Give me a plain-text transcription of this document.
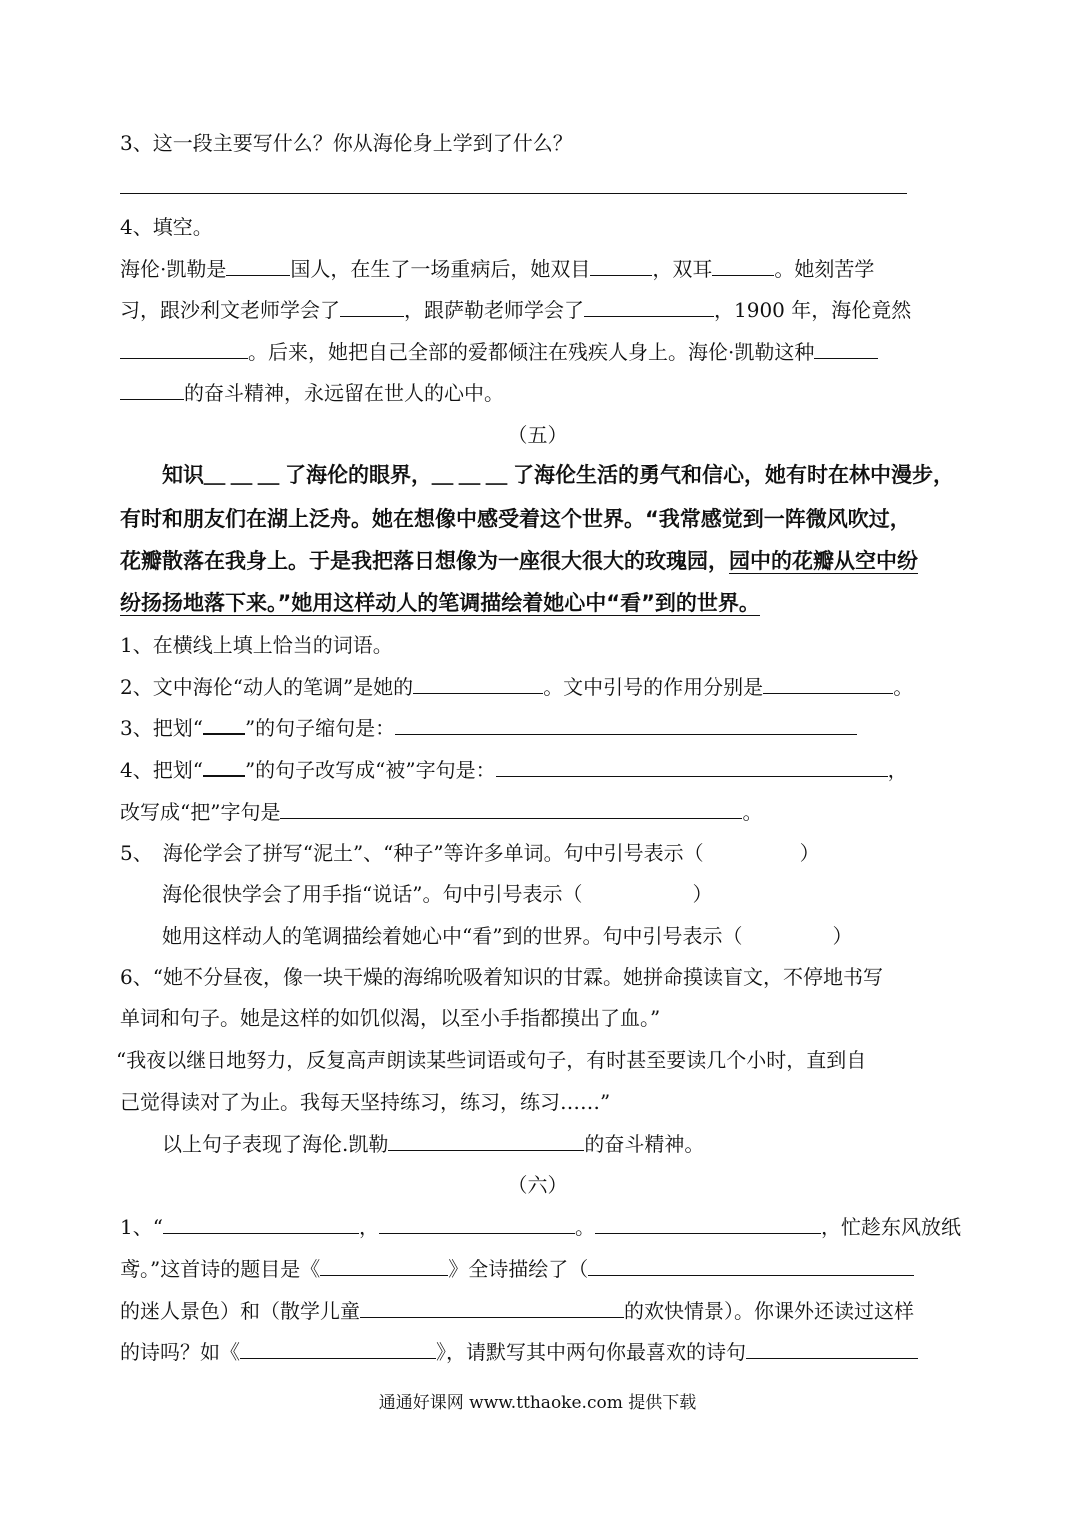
3、这一段主要写什么？你从海伦身上学到了什么？
4、填空。
海伦·凯勒是	国人，在生了一场重病后，她双目	，双耳	。她刻苦学
习，跟沙利文老师学会了	，跟萨勒老师学会了	，1900 年，海伦竟然
。后来，她把自己全部的爱都倾注在残疾人身上。海伦·凯勒这种
的奋斗精神，永远留在世人的心中。
（五）
知识＿＿＿了海伦的眼界，＿＿＿了海伦生活的勇气和信心，她有时在林中漫步，
有时和朋友们在湖上泛舟。她在想像中感受着这个世界。“我常感觉到一阵微风吹过，
花瓣散落在我身上。于是我把落日想像为一座很大很大的玫瑰园，园中的花瓣从空中纷
纷扬扬地落下来。”她用这样动人的笔调描绘着她心中“看”到的世界。
1、在横线上填上恰当的词语。
2、文中海伦“动人的笔调”是她的	。文中引号的作用分别是	。
3、把划“ ”的句子缩句是：
4、把划“ ”的句子改写成“被”字句是：	，
改写成“把”字句是	。
5、　海伦学会了拼写“泥土”、“种子”等许多单词。句中引号表示（	）
海伦很快学会了用手指“说话”。句中引号表示（	）
她用这样动人的笔调描绘着她心中“看”到的世界。句中引号表示（	）
6、“她不分昼夜，像一块干燥的海绵吮吸着知识的甘霖。她拼命摸读盲文，不停地书写
单词和句子。她是这样的如饥似渴，以至小手指都摸出了血。”
“我夜以继日地努力，反复高声朗读某些词语或句子，有时甚至要读几个小时，直到自
己觉得读对了为止。我每天坚持练习，练习，练习……”
以上句子表现了海伦.凯勒	的奋斗精神。
（六）
1、“	，	。	，忙趁东风放纸
鸢。”这首诗的题目是《	》全诗描绘了（
的迷人景色）和（散学儿童	的欢快情景）。你课外还读过这样
的诗吗？如《	》，请默写其中两句你最喜欢的诗句
通通好课网 www.tthaoke.com 提供下载
